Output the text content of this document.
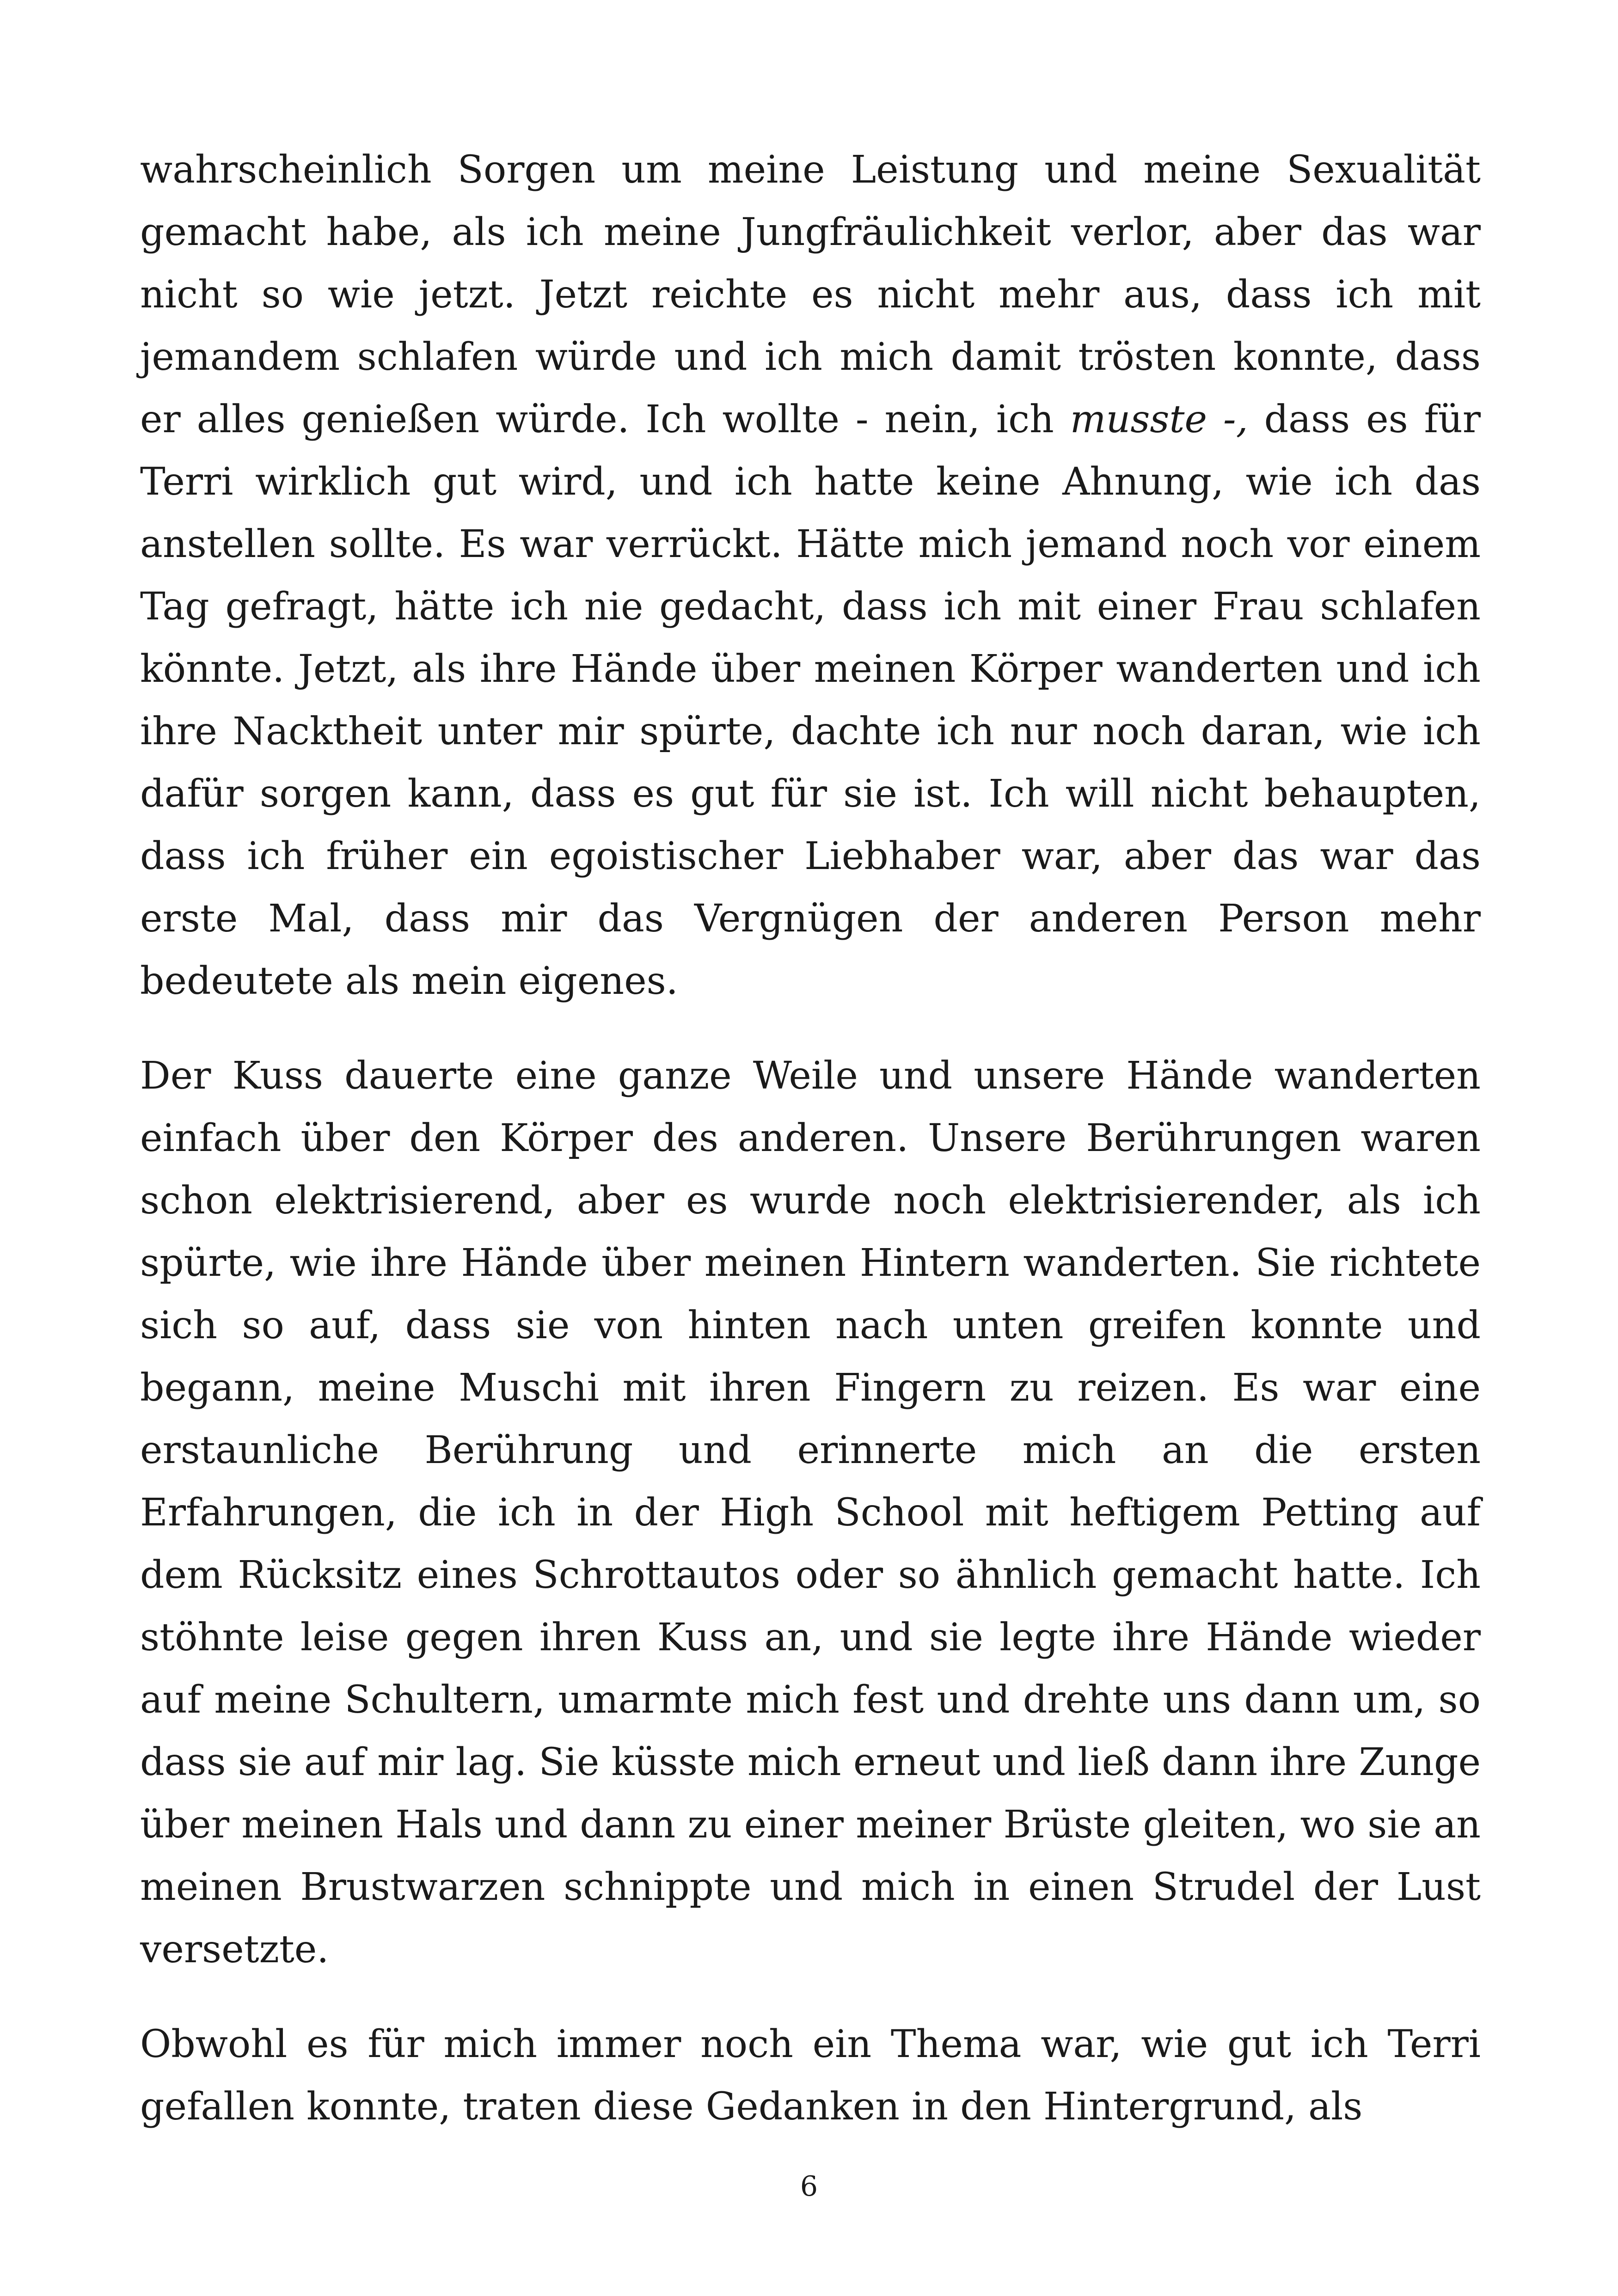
wahrscheinlich Sorgen um meine Leistung und meine Sexualität gemacht habe, als ich meine Jungfräulichkeit verlor, aber das war nicht so wie jetzt. Jetzt reichte es nicht mehr aus, dass ich mit jemandem schlafen würde und ich mich damit trösten konnte, dass er alles genießen würde. Ich wollte - nein, ich musste -, dass es für Terri wirklich gut wird, und ich hatte keine Ahnung, wie ich das anstellen sollte. Es war verrückt. Hätte mich jemand noch vor einem Tag gefragt, hätte ich nie gedacht, dass ich mit einer Frau schlafen könnte. Jetzt, als ihre Hände über meinen Körper wanderten und ich ihre Nacktheit unter mir spürte, dachte ich nur noch daran, wie ich dafür sorgen kann, dass es gut für sie ist. Ich will nicht behaupten, dass ich früher ein egoistischer Liebhaber war, aber das war das erste Mal, dass mir das Vergnügen der anderen Person mehr bedeutete als mein eigenes.

Der Kuss dauerte eine ganze Weile und unsere Hände wanderten einfach über den Körper des anderen. Unsere Berührungen waren schon elektrisierend, aber es wurde noch elektrisierender, als ich spürte, wie ihre Hände über meinen Hintern wanderten. Sie richtete sich so auf, dass sie von hinten nach unten greifen konnte und begann, meine Muschi mit ihren Fingern zu reizen. Es war eine erstaunliche Berührung und erinnerte mich an die ersten Erfahrungen, die ich in der High School mit heftigem Petting auf dem Rücksitz eines Schrottautos oder so ähnlich gemacht hatte. Ich stöhnte leise gegen ihren Kuss an, und sie legte ihre Hände wieder auf meine Schultern, umarmte mich fest und drehte uns dann um, so dass sie auf mir lag. Sie küsste mich erneut und ließ dann ihre Zunge über meinen Hals und dann zu einer meiner Brüste gleiten, wo sie an meinen Brustwarzen schnippte und mich in einen Strudel der Lust versetzte.

Obwohl es für mich immer noch ein Thema war, wie gut ich Terri gefallen konnte, traten diese Gedanken in den Hintergrund, als

6
